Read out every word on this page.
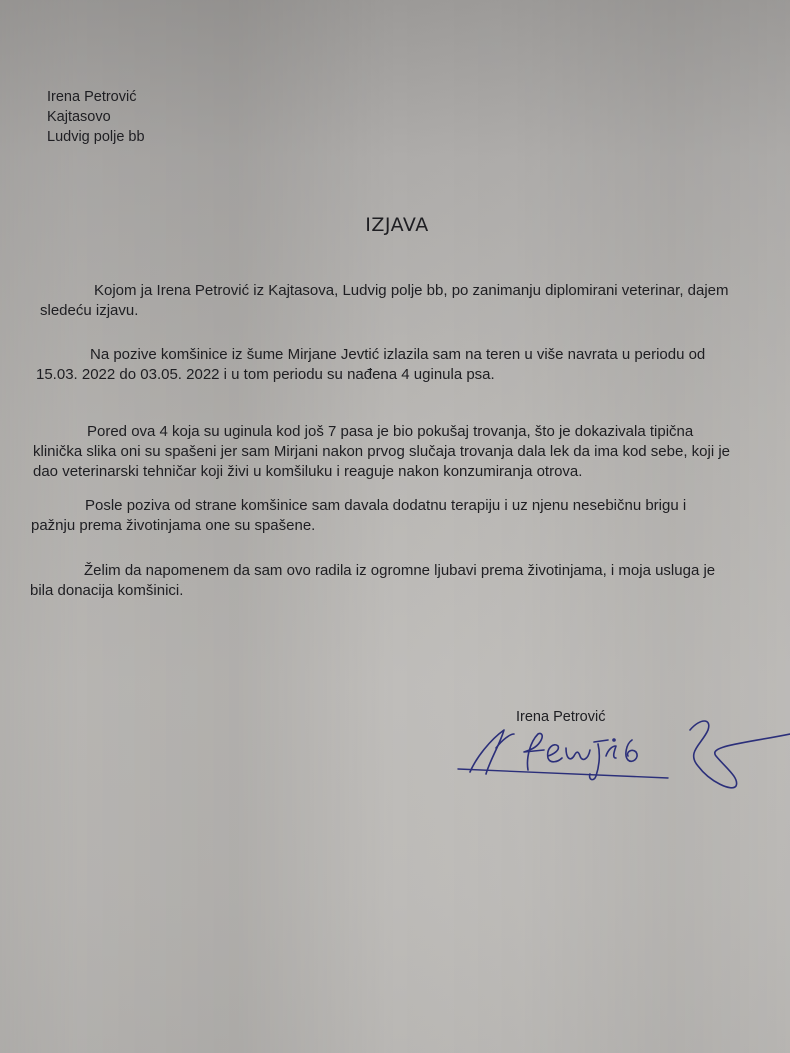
Irena Petrović
Kajtasovo
Ludvig polje bb
IZJAVA
Kojom ja Irena Petrović iz Kajtasova, Ludvig polje bb, po zanimanju diplomirani veterinar, dajem
sledeću izjavu.
Na pozive komšinice iz šume Mirjane Jevtić izlazila sam na teren u više navrata u periodu od
15.03. 2022 do 03.05. 2022 i u tom periodu su nađena 4 uginula psa.
Pored ova 4 koja su uginula kod još 7 pasa je bio pokušaj trovanja, što je dokazivala tipična
klinička slika oni su spašeni jer sam Mirjani nakon prvog slučaja trovanja dala lek da ima kod sebe, koji je
dao veterinarski tehničar koji živi u komšiluku i reaguje nakon konzumiranja otrova.
Posle poziva od strane komšinice sam davala dodatnu terapiju i uz njenu nesebičnu brigu i
pažnju prema životinjama one su spašene.
Želim da napomenem da sam ovo radila iz ogromne ljubavi prema životinjama, i moja usluga je
bila donacija komšinici.
Irena Petrović
